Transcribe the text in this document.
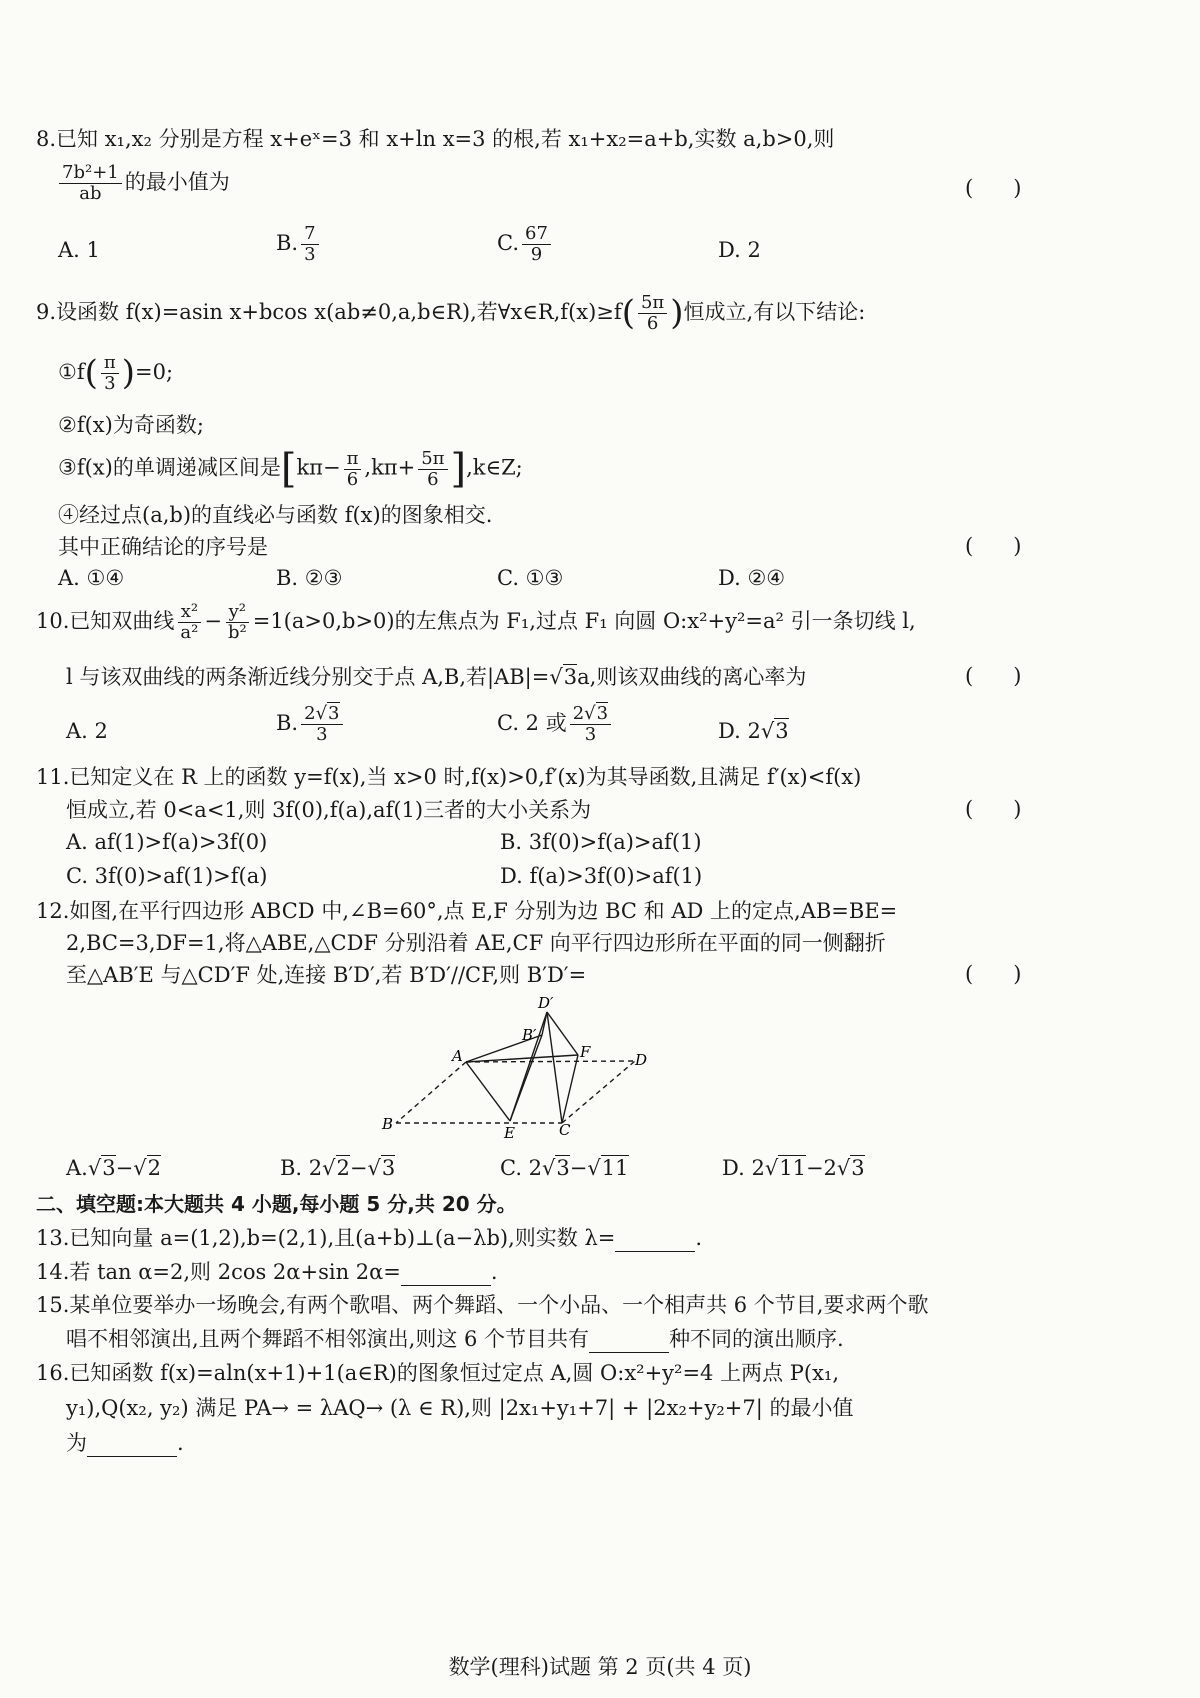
8.已知 x₁,x₂ 分别是方程 x+eˣ=3 和 x+ln x=3 的根,若 x₁+x₂=a+b,实数 a,b>0,则
$\frac{\text{7b²+1}}{ab}$ 的最小值为	(      )
A. 1	B. $\frac{7}{3}$	C. $\frac{67}{9}$	D. 2
9.设函数 f(x)=asin x+bcos x(ab≠0,a,b∈R),若∀x∈R,f(x)≥f( $\frac{5\pi}{6}$ )恒成立,有以下结论:
①f( $\frac{\pi}{3} )=0$;
②f(x)为奇函数;
③f(x)的单调递减区间是[$k\pi- \frac{\pi}{6} ,k\pi+ \frac{5\pi}{6}$ ],k∈Z;
④经过点(a,b)的直线必与函数 f(x)的图象相交.
其中正确结论的序号是	(      )
A. ①④	B. ②③	C. ①③	D. ②④
10.已知双曲线 $\frac{\text{x²}}{\text{a²}} - \frac{\text{y²}}{\text{b²}} =1(a>0,b>0)$的左焦点为 F₁,过点 F₁ 向圆 O:x²+y²=a² 引一条切线 l,
l 与该双曲线的两条渐近线分别交于点 A,B,若|AB|=√3a,则该双曲线的离心率为	(      )
A. 2	B. $\frac{2√3}{3}$	C. 2 或 $\frac{2√3}{3}$	D. 2√3
11.已知定义在 R 上的函数 y=f(x),当 x>0 时,f(x)>0,f′(x)为其导函数,且满足 f′(x)<f(x)
恒成立,若 0<a<1,则 3f(0),f(a),af(1)三者的大小关系为	(      )
A. af(1)>f(a)>3f(0)	B. 3f(0)>f(a)>af(1)
C. 3f(0)>af(1)>f(a)	D. f(a)>3f(0)>af(1)
12.如图,在平行四边形 ABCD 中,∠B=60°,点 E,F 分别为边 BC 和 AD 上的定点,AB=BE=
2,BC=3,DF=1,将△ABE,△CDF 分别沿着 AE,CF 向平行四边形所在平面的同一侧翻折
至△AB′E 与△CD′F 处,连接 B′D′,若 B′D′//CF,则 B′D′=	(      )
D′
B′
A	F	D
B	E	C
A.√3−√2	B. 2√2−√3	C. 2√3−√11	D. 2√11−2√3
二、填空题:本大题共 4 小题,每小题 5 分,共 20 分。
13.已知向量 a=(1,2),b=(2,1),且(a+b)⊥(a−λb),则实数 λ=	.
14.若 tan α=2,则 2cos 2α+sin 2α=	.
15.某单位要举办一场晚会,有两个歌唱、两个舞蹈、一个小品、一个相声共 6 个节目,要求两个歌
唱不相邻演出,且两个舞蹈不相邻演出,则这 6 个节目共有	种不同的演出顺序.
16.已知函数 f(x)=aln(x+1)+1(a∈R)的图象恒过定点 A,圆 O:x²+y²=4 上两点 P(x₁,
y₁),Q(x₂, y₂) 满足 PA→ = λAQ→ (λ ∈ R),则 |2x₁+y₁+7| + |2x₂+y₂+7| 的最小值
为	.
数学(理科)试题 第 2 页(共 4 页)
